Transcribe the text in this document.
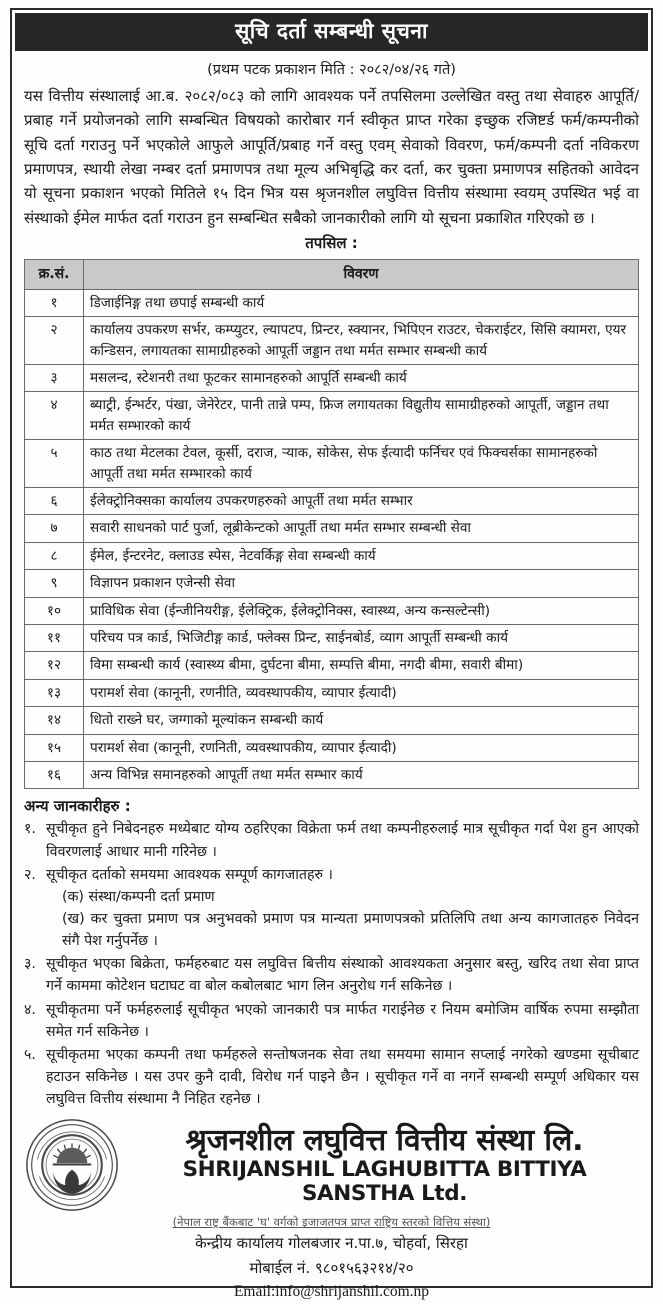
सूचि दर्ता सम्बन्धी सूचना
(प्रथम पटक प्रकाशन मिति : २०८२/०४/२६ गते)
यस वित्तीय संस्थालाई आ.ब. २०८२/०८३ को लागि आवश्यक पर्ने तपसिलमा उल्लेखित वस्तु तथा सेवाहरु आपूर्ति/प्रबाह गर्ने प्रयोजनको लागि सम्बन्धित विषयको कारोबार गर्न स्वीकृत प्राप्त गरेका इच्छुक रजिष्टर्ड फर्म/कम्पनीको सूचि दर्ता गराउनु पर्ने भएकोले आफुले आपूर्ति/प्रबाह गर्ने वस्तु एवम् सेवाको विवरण, फर्म/कम्पनी दर्ता नविकरण प्रमाणपत्र, स्थायी लेखा नम्बर दर्ता प्रमाणपत्र तथा मूल्य अभिबृद्धि कर दर्ता, कर चुक्ता प्रमाणपत्र सहितको आवेदन यो सूचना प्रकाशन भएको मितिले १५ दिन भित्र यस श्रृजनशील लघुवित्त वित्तीय संस्थामा स्वयम् उपस्थित भई वा संस्थाको ईमेल मार्फत दर्ता गराउन हुन सम्बन्धित सबैको जानकारीको लागि यो सूचना प्रकाशित गरिएको छ ।
तपसिल :
क्र.सं.	विवरण
१	डिजाईनिङ्ग तथा छपाई सम्बन्धी कार्य
२	कार्यालय उपकरण सर्भर, कम्प्युटर, ल्यापटप, प्रिन्टर, स्क्यानर, भिपिएन राउटर, चेकराईटर, सिसि क्यामरा, एयर कन्डिसन, लगायतका सामाग्रीहरुको आपूर्ती जड्डान तथा मर्मत सम्भार सम्बन्धी कार्य
३	मसलन्द, स्टेशनरी तथा फूटकर सामानहरुको आपूर्ति सम्बन्धी कार्य
४	ब्याट्री, ईन्भर्टर, पंखा, जेनेरेटर, पानी तान्ने पम्प, फ्रिज लगायतका विद्युतीय सामाग्रीहरुको आपूर्ती, जड्डान तथा मर्मत सम्भारको कार्य
५	काठ तथा मेटलका टेवल, कूर्सी, दराज, ऱ्याक, सोकेस, सेफ ईत्यादी फर्निचर एवं फिक्चर्सका सामानहरुको आपूर्ती तथा मर्मत सम्भारको कार्य
६	ईलेक्ट्रोनिक्सका कार्यालय उपकरणहरुको आपूर्ती तथा मर्मत सम्भार
७	सवारी साधनको पार्ट पुर्जा, लूब्रीकेन्टको आपूर्ती तथा मर्मत सम्भार सम्बन्धी सेवा
८	ईमेल, ईन्टरनेट, क्लाउड स्पेस, नेटवर्किङ्ग सेवा सम्बन्धी कार्य
९	विज्ञापन प्रकाशन एजेन्सी सेवा
१०	प्राविधिक सेवा (ईन्जीनियरीङ्ग, ईलेक्ट्रिक, ईलेक्ट्रोनिक्स, स्वास्थ्य, अन्य कन्सल्टेन्सी)
११	परिचय पत्र कार्ड, भिजिटीङ्ग कार्ड, फ्लेक्स प्रिन्ट, साईनबोर्ड, व्याग आपूर्ती सम्बन्धी कार्य
१२	विमा सम्बन्धी कार्य (स्वास्थ्य बीमा, दुर्घटना बीमा, सम्पत्ति बीमा, नगदी बीमा, सवारी बीमा)
१३	परामर्श सेवा (कानूनी, रणनीति, व्यवस्थापकीय, व्यापार ईत्यादी)
१४	धितो राख्ने घर, जग्गाको मूल्यांकन सम्बन्धी कार्य
१५	परामर्श सेवा (कानूनी, रणनिती, व्यवस्थापकीय, व्यापार ईत्यादी)
१६	अन्य विभिन्न समानहरुको आपूर्ती तथा मर्मत सम्भार कार्य
अन्य जानकारीहरु :
१. सूचीकृत हुने निबेदनहरु मध्येबाट योग्य ठहरिएका विक्रेता फर्म तथा कम्पनीहरुलाई मात्र सूचीकृत गर्दा पेश हुन आएको विवरणलाई आधार मानी गरिनेछ ।
२. सूचीकृत दर्ताको समयमा आवश्यक सम्पूर्ण कागजातहरु ।
(क) संस्था/कम्पनी दर्ता प्रमाण
(ख) कर चुक्ता प्रमाण पत्र अनुभवको प्रमाण पत्र मान्यता प्रमाणपत्रको प्रतिलिपि तथा अन्य कागजातहरु निवेदन संगै पेश गर्नुपर्नेछ ।
३. सूचीकृत भएका बिक्रेता, फर्महरुबाट यस लघुवित्त बित्तीय संस्थाको आवश्यकता अनुसार बस्तु, खरिद तथा सेवा प्राप्त गर्ने काममा कोटेशन घटाघट वा बोल कबोलबाट भाग लिन अनुरोध गर्न सकिनेछ ।
४. सूचीकृतमा पर्ने फर्महरुलाई सूचीकृत भएको जानकारी पत्र मार्फत गराईनेछ र नियम बमोजिम वार्षिक रुपमा सम्झौता समेत गर्न सकिनेछ ।
५. सूचीकृतमा भएका कम्पनी तथा फर्महरुले सन्तोषजनक सेवा तथा समयमा सामान सप्लाई नगरेको खण्डमा सूचीबाट हटाउन सकिनेछ । यस उपर कुनै दावी, विरोध गर्न पाइने छैन । सूचीकृत गर्ने वा नगर्ने सम्बन्धी सम्पूर्ण अधिकार यस लघुवित्त वित्तीय संस्थामा नै निहित रहनेछ ।
श्रृजनशील लघुवित्त वित्तीय संस्था लि.
SHRIJANSHIL LAGHUBITTA BITTIYA SANSTHA Ltd.
(नेपाल राष्ट्र बैंकबाट 'घ' वर्गको इजाजतपत्र प्राप्त राष्ट्रिय स्तरको वित्तिय संस्था)
केन्द्रीय कार्यालय गोलबजार न.पा.७, चोहर्वा, सिरहा
मोबाईल नं. ९८०१५६३२१४/२०
Email:info@shrijanshil.com.np
